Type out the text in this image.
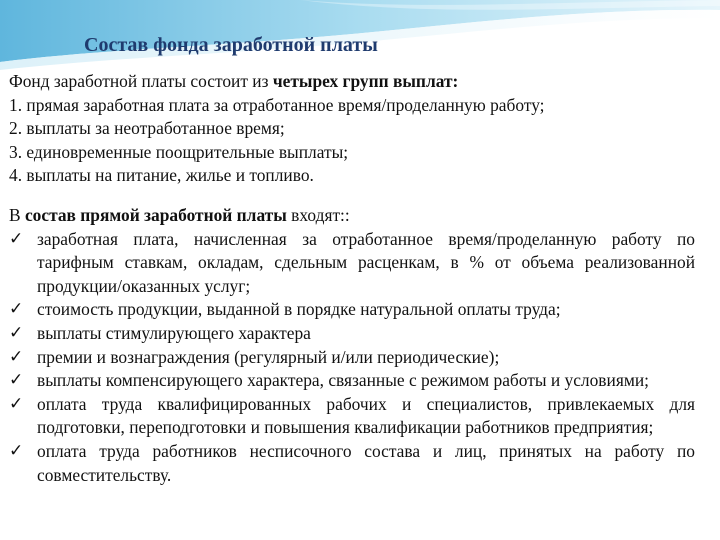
Состав фонда заработной платы
Фонд заработной платы состоит из четырех групп выплат:
1. прямая заработная плата за отработанное время/проделанную работу;
2. выплаты за неотработанное время;
3. единовременные поощрительные выплаты;
4. выплаты на питание, жилье и топливо.
В состав прямой заработной платы входят::
✓ заработная плата, начисленная за отработанное время/проделанную работу по тарифным ставкам, окладам, сдельным расценкам, в % от объема реализованной продукции/оказанных услуг;
✓ стоимость продукции, выданной в порядке натуральной оплаты труда;
✓ выплаты стимулирующего характера
✓ премии и вознаграждения (регулярный и/или периодические);
✓ выплаты компенсирующего характера, связанные с режимом работы и условиями;
✓ оплата труда квалифицированных рабочих и специалистов, привлекаемых для подготовки, переподготовки и повышения квалификации работников предприятия;
✓ оплата труда работников несписочного состава и лиц, принятых на работу по совместительству.
